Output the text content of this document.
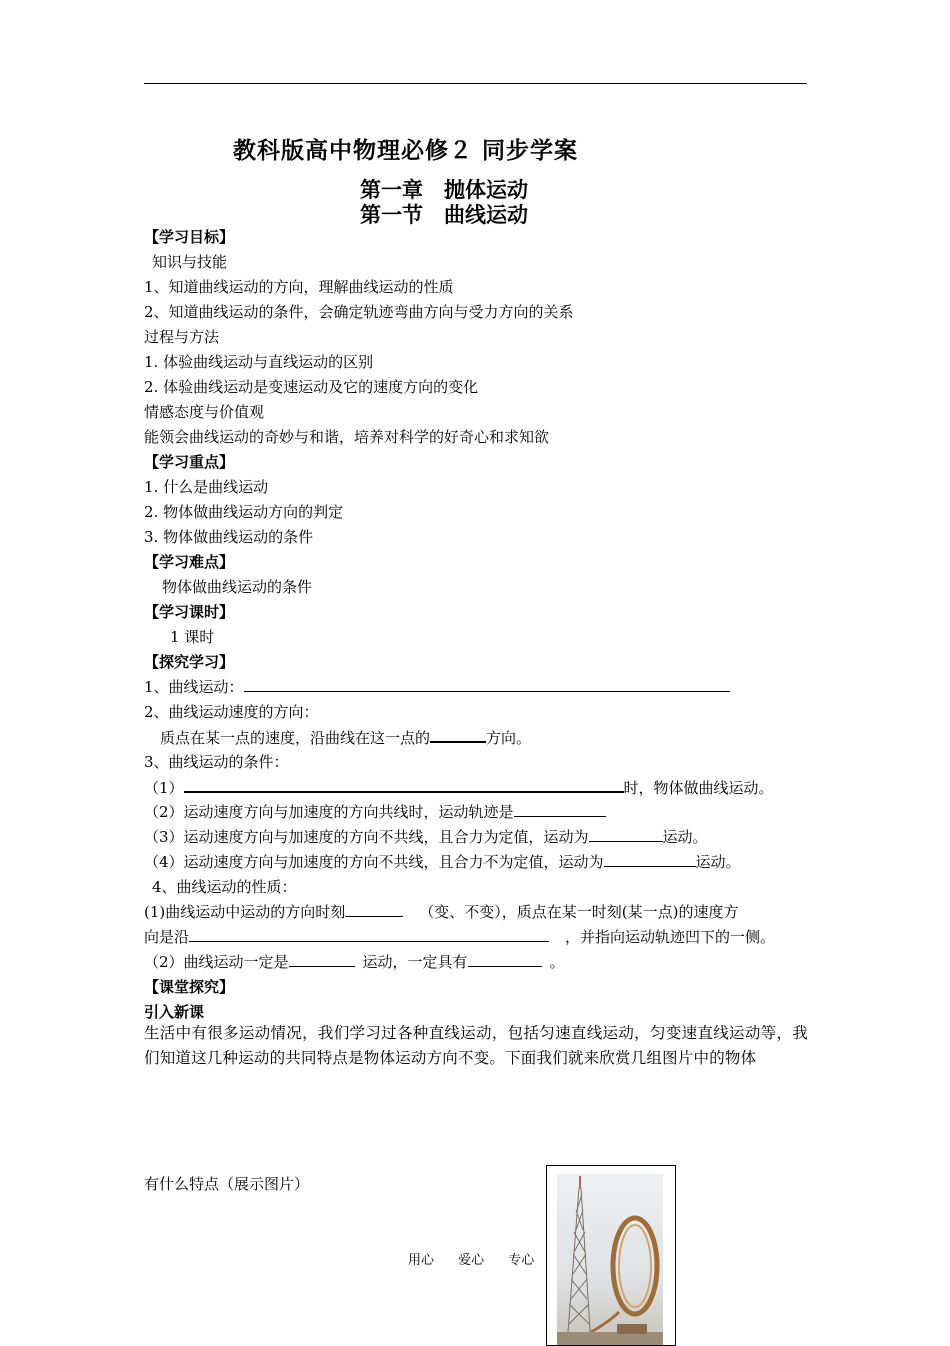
教科版高中物理必修２ 同步学案
第一章　抛体运动
第一节　曲线运动
【学习目标】
知识与技能
1、知道曲线运动的方向，理解曲线运动的性质
2、知道曲线运动的条件，会确定轨迹弯曲方向与受力方向的关系
过程与方法
1. 体验曲线运动与直线运动的区别
2. 体验曲线运动是变速运动及它的速度方向的变化
情感态度与价值观
能领会曲线运动的奇妙与和谐，培养对科学的好奇心和求知欲
【学习重点】
1. 什么是曲线运动
2. 物体做曲线运动方向的判定
3. 物体做曲线运动的条件
【学习难点】
物体做曲线运动的条件
【学习课时】
1 课时
【探究学习】
1、曲线运动：
2、曲线运动速度的方向：
质点在某一点的速度，沿曲线在这一点的	方向。
3、曲线运动的条件：
（1）	时，物体做曲线运动。
（2）运动速度方向与加速度的方向共线时，运动轨迹是
（3）运动速度方向与加速度的方向不共线，且合力为定值，运动为	运动。
（4）运动速度方向与加速度的方向不共线，且合力不为定值，运动为	运动。
4、曲线运动的性质：
(1)曲线运动中运动的方向时刻	（变、不变），质点在某一时刻(某一点)的速度方
向是沿	，并指向运动轨迹凹下的一侧。
（2）曲线运动一定是	运动，一定具有	。
【课堂探究】
引入新课
生活中有很多运动情况，我们学习过各种直线运动，包括匀速直线运动，匀变速直线运动等，我们知道这几种运动的共同特点是物体运动方向不变。下面我们就来欣赏几组图片中的物体
有什么特点（展示图片）
用心 爱心 专心
